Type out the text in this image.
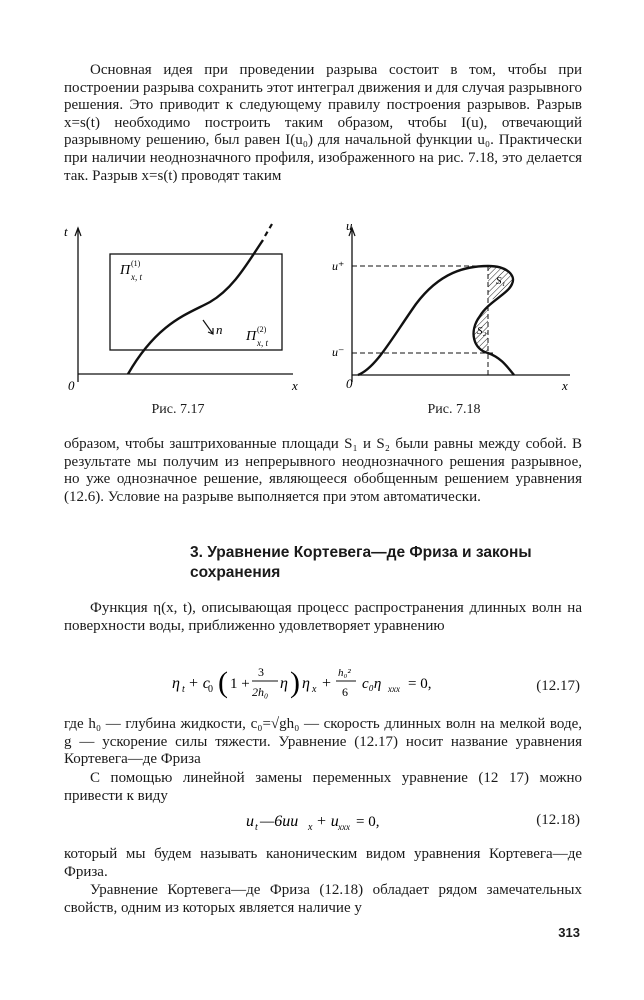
Основная идея при проведении разрыва состоит в том, чтобы при построении разрыва сохранить этот интеграл движения и для случая разрывного решения. Это приводит к следующему правилу построения разрывов. Разрыв x=s(t) необходимо построить таким образом, чтобы I(u), отвечающий разрывному решению, был равен I(u₀) для начальной функции u₀. Практически при наличии неоднозначного профиля, изображенного на рис. 7.18, это делается так. Разрыв x=s(t) проводят таким

t
x
0
n
Π (1)
x, t
Π (2)
x, t
Рис. 7.17
u
x
0
u⁺
u⁻
S₁
S₂
Рис. 7.18

образом, чтобы заштрихованные площади S₁ и S₂ были равны между собой. В результате мы получим из непрерывного неоднозначного решения разрывное, но уже однозначное решение, являющееся обобщенным решением уравнения (12.6). Условие на разрыве выполняется при этом автоматически.

3. Уравнение Кортевега—де Фриза и законы сохранения

Функция η(x, t), описывающая процесс распространения длинных волн на поверхности воды, приближенно удовлетворяет уравнению

η t + c
0 ( 1 +
3
2h₀ η ) η x +
h₀²
6 c₀η xxx = 0,	(12.17)

где h₀ — глубина жидкости, c₀=√gh₀ — скорость длинных волн на мелкой воде, g — ускорение силы тяжести. Уравнение (12.17) носит название уравнения Кортевега—де Фриза

С помощью линейной замены переменных уравнение (12 17) можно привести к виду

u t —6uu x + u xxx = 0,	(12.18)

который мы будем называть каноническим видом уравнения Кортевега—де Фриза.

Уравнение Кортевега—де Фриза (12.18) обладает рядом замечательных свойств, одним из которых является наличие у

313
